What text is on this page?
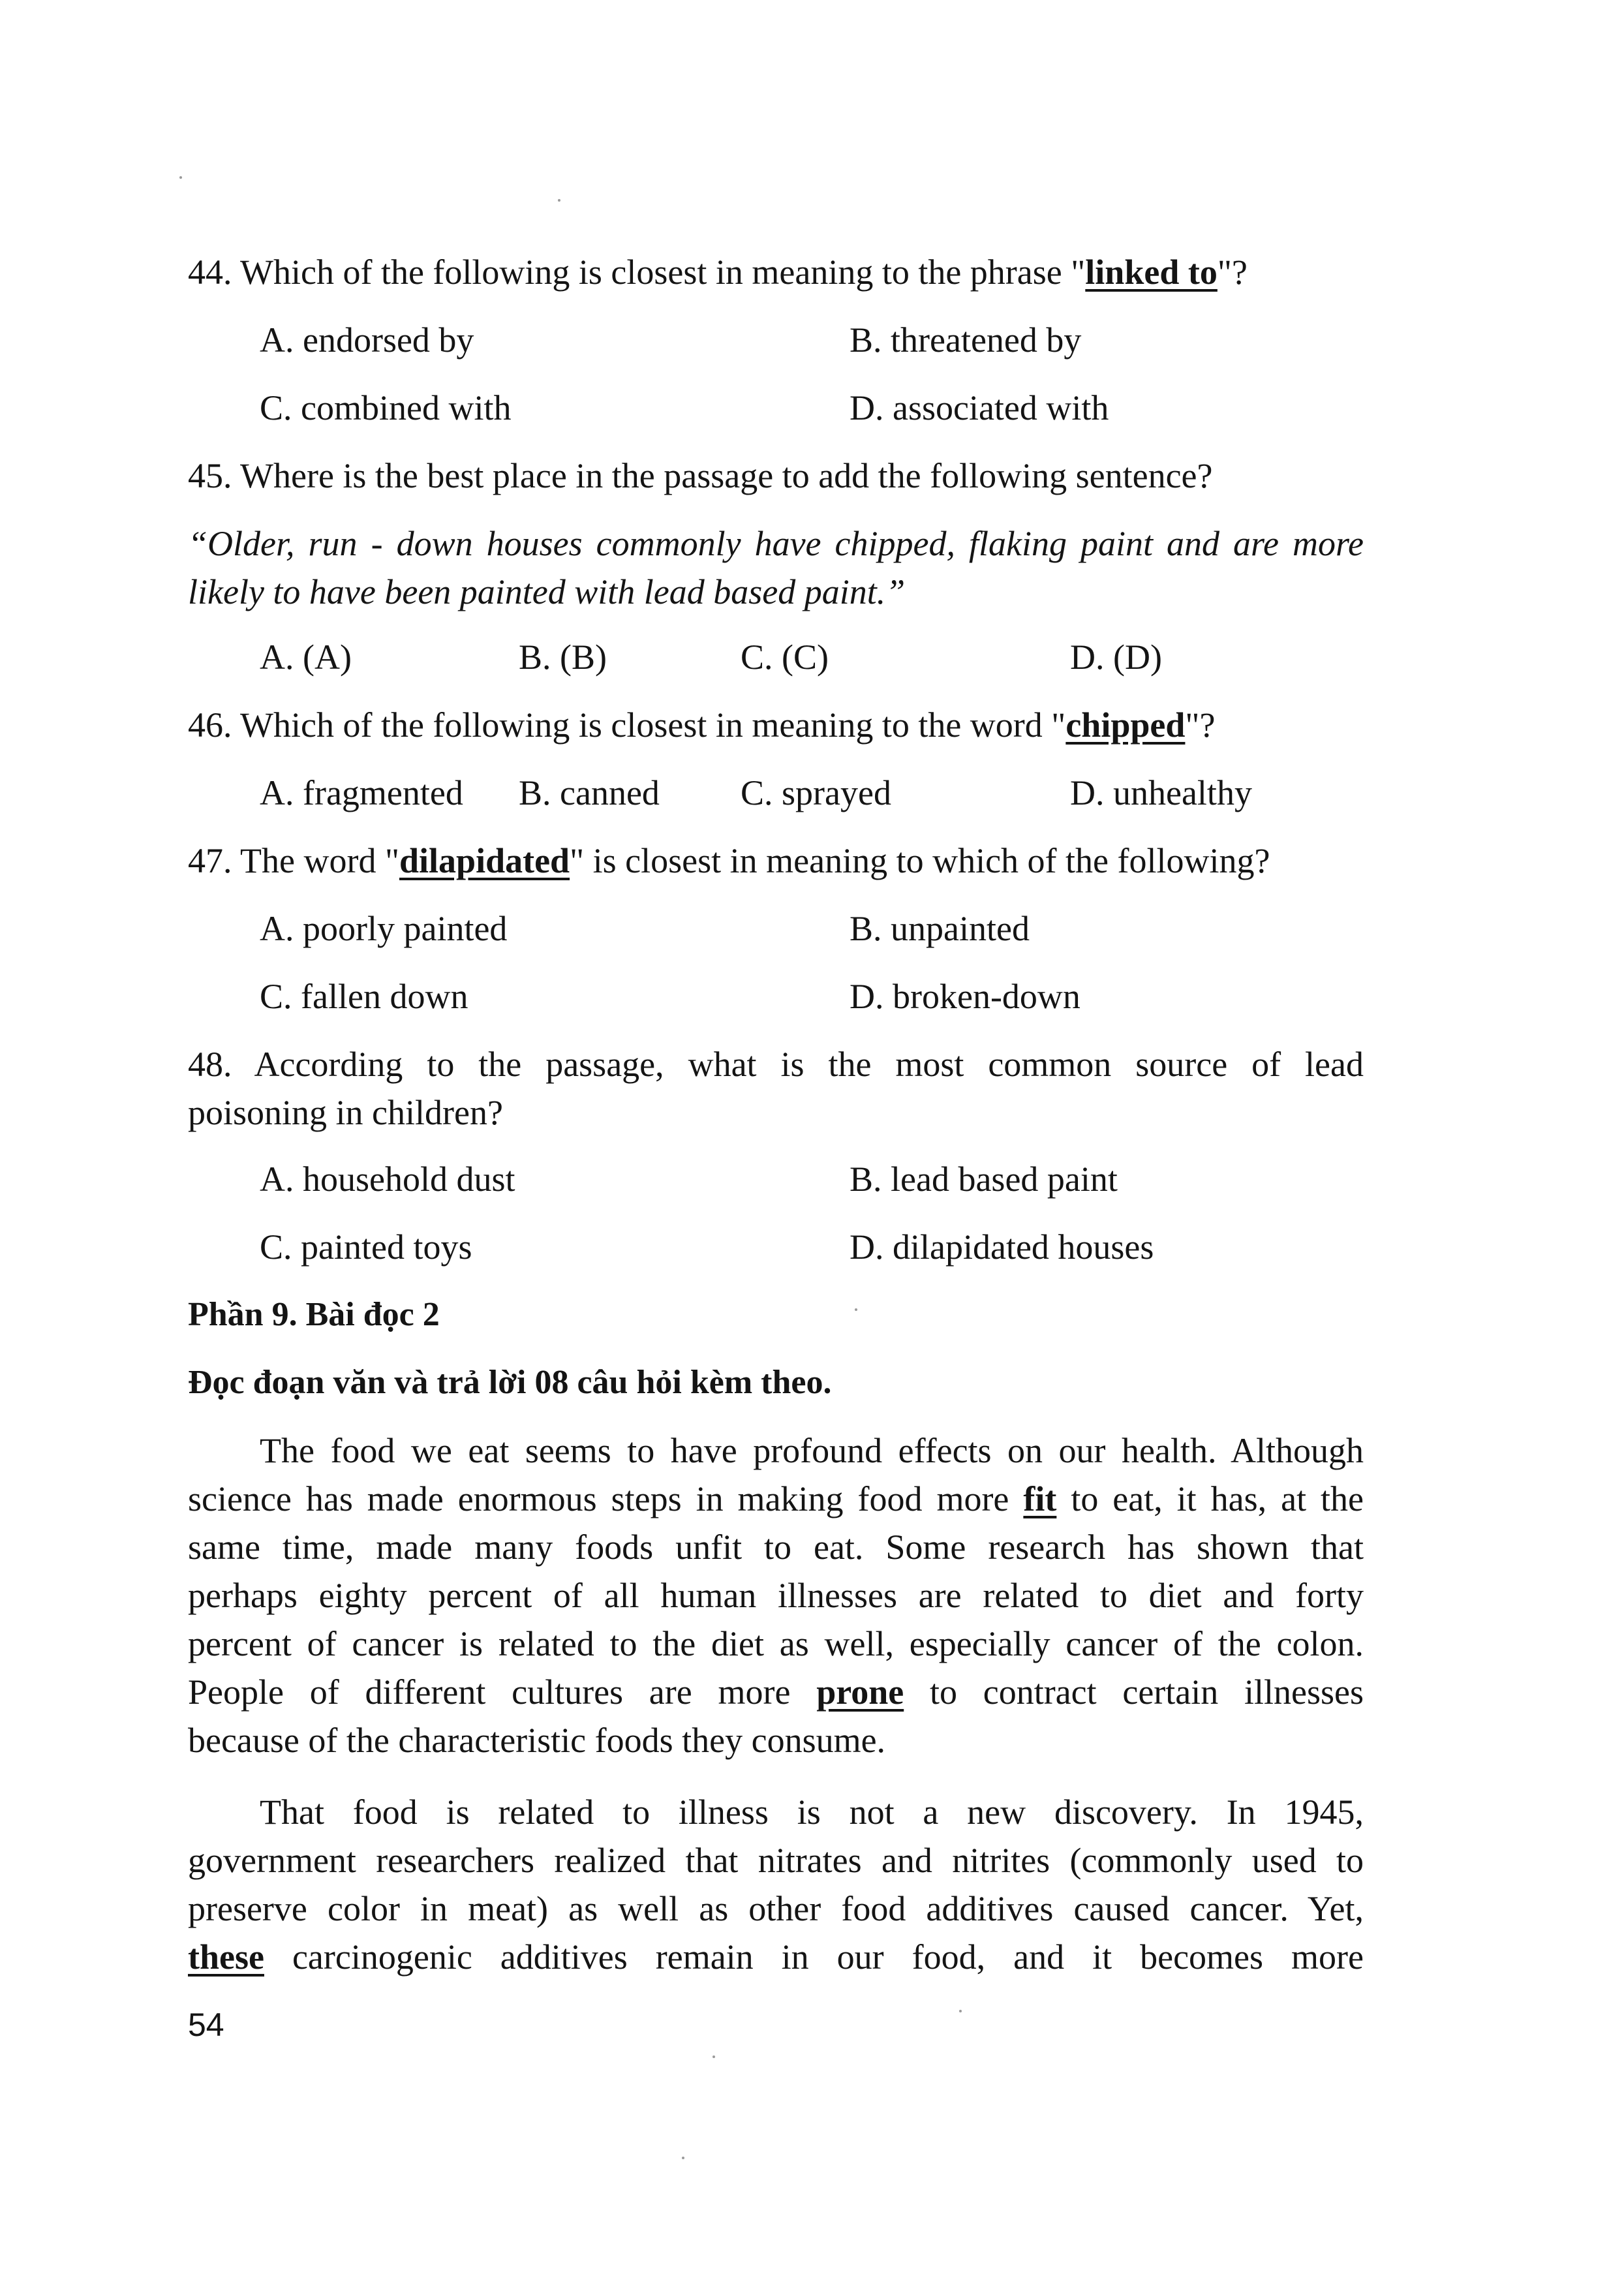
44. Which of the following is closest in meaning to the phrase "linked to"?
A. endorsed by	B. threatened by
C. combined with	D. associated with
45. Where is the best place in the passage to add the following sentence?
“Older, run - down houses commonly have chipped, flaking paint and are more
likely to have been painted with lead based paint.”
A. (A)	B. (B)	C. (C)	D. (D)
46. Which of the following is closest in meaning to the word "chipped"?
A. fragmented B. canned C. sprayed	D. unhealthy
47. The word "dilapidated" is closest in meaning to which of the following?
A. poorly painted	B. unpainted
C. fallen down	D. broken-down
48. According to the passage, what is the most common source of lead
poisoning in children?
A. household dust	B. lead based paint
C. painted toys	D. dilapidated houses
Phần 9. Bài đọc 2
Đọc đoạn văn và trả lời 08 câu hỏi kèm theo.
The food we eat seems to have profound effects on our health. Although
science has made enormous steps in making food more fit to eat, it has, at the
same time, made many foods unfit to eat. Some research has shown that
perhaps eighty percent of all human illnesses are related to diet and forty
percent of cancer is related to the diet as well, especially cancer of the colon.
People of different cultures are more prone to contract certain illnesses
because of the characteristic foods they consume.
That food is related to illness is not a new discovery. In 1945,
government researchers realized that nitrates and nitrites (commonly used to
preserve color in meat) as well as other food additives caused cancer. Yet,
these carcinogenic additives remain in our food, and it becomes more
54
